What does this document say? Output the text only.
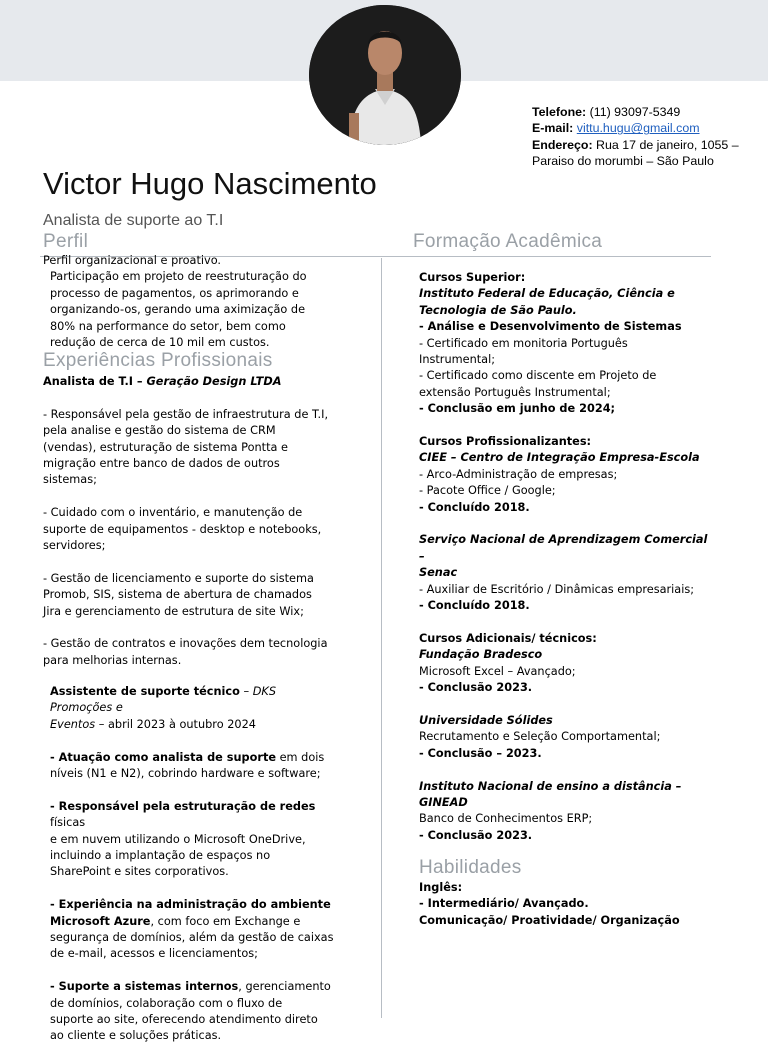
Telefone: (11) 93097-5349
E-mail: vittu.hugu@gmail.com
Endereço: Rua 17 de janeiro, 1055 –
Paraiso do morumbi – São Paulo
Victor Hugo Nascimento
Analista de suporte ao T.I
Perfil	Formação Acadêmica

Perfil organizacional e proativo.

Participação em projeto de reestruturação do

processo de pagamentos, os aprimorando e

organizando-os, gerando uma aximização de

80% na performance do setor, bem como

redução de cerca de 10 mil em custos.

Experiências Profissionais

Analista de T.I – Geração Design LTDA

- Responsável pela gestão de infraestrutura de T.I,

pela analise e gestão do sistema de CRM

(vendas), estruturação de sistema Pontta e

migração entre banco de dados de outros

sistemas;

- Cuidado com o inventário, e manutenção de

suporte de equipamentos - desktop e notebooks,

servidores;

- Gestão de licenciamento e suporte do sistema

Promob, SIS, sistema de abertura de chamados

Jira e gerenciamento de estrutura de site Wix;

- Gestão de contratos e inovações dem tecnologia

para melhorias internas.

Assistente de suporte técnico – DKS Promoções e

Eventos – abril 2023 à outubro 2024

- Atuação como analista de suporte em dois

níveis (N1 e N2), cobrindo hardware e software;

- Responsável pela estruturação de redes físicas

e em nuvem utilizando o Microsoft OneDrive,

incluindo a implantação de espaços no

SharePoint e sites corporativos.

- Experiência na administração do ambiente

Microsoft Azure, com foco em Exchange e

segurança de domínios, além da gestão de caixas

de e-mail, acessos e licenciamentos;

- Suporte a sistemas internos, gerenciamento

de domínios, colaboração com o fluxo de

suporte ao site, oferecendo atendimento direto

ao cliente e soluções práticas.

Cursos Superior:

Instituto Federal de Educação, Ciência e

Tecnologia de São Paulo.

- Análise e Desenvolvimento de Sistemas

- Certificado em monitoria Português

Instrumental;

- Certificado como discente em Projeto de

extensão Português Instrumental;

- Conclusão em junho de 2024;

Cursos Profissionalizantes:

CIEE – Centro de Integração Empresa-Escola

- Arco-Administração de empresas;

- Pacote Office / Google;

- Concluído 2018.

Serviço Nacional de Aprendizagem Comercial –

Senac

- Auxiliar de Escritório / Dinâmicas empresariais;

- Concluído 2018.

Cursos Adicionais/ técnicos:

Fundação Bradesco

Microsoft Excel – Avançado;

- Conclusão 2023.

Universidade Sólides

Recrutamento e Seleção Comportamental;

- Conclusão – 2023.

Instituto Nacional de ensino a distância –

GINEAD

Banco de Conhecimentos ERP;

- Conclusão 2023.

Habilidades

Inglês:

- Intermediário/ Avançado.

Comunicação/ Proatividade/ Organização
